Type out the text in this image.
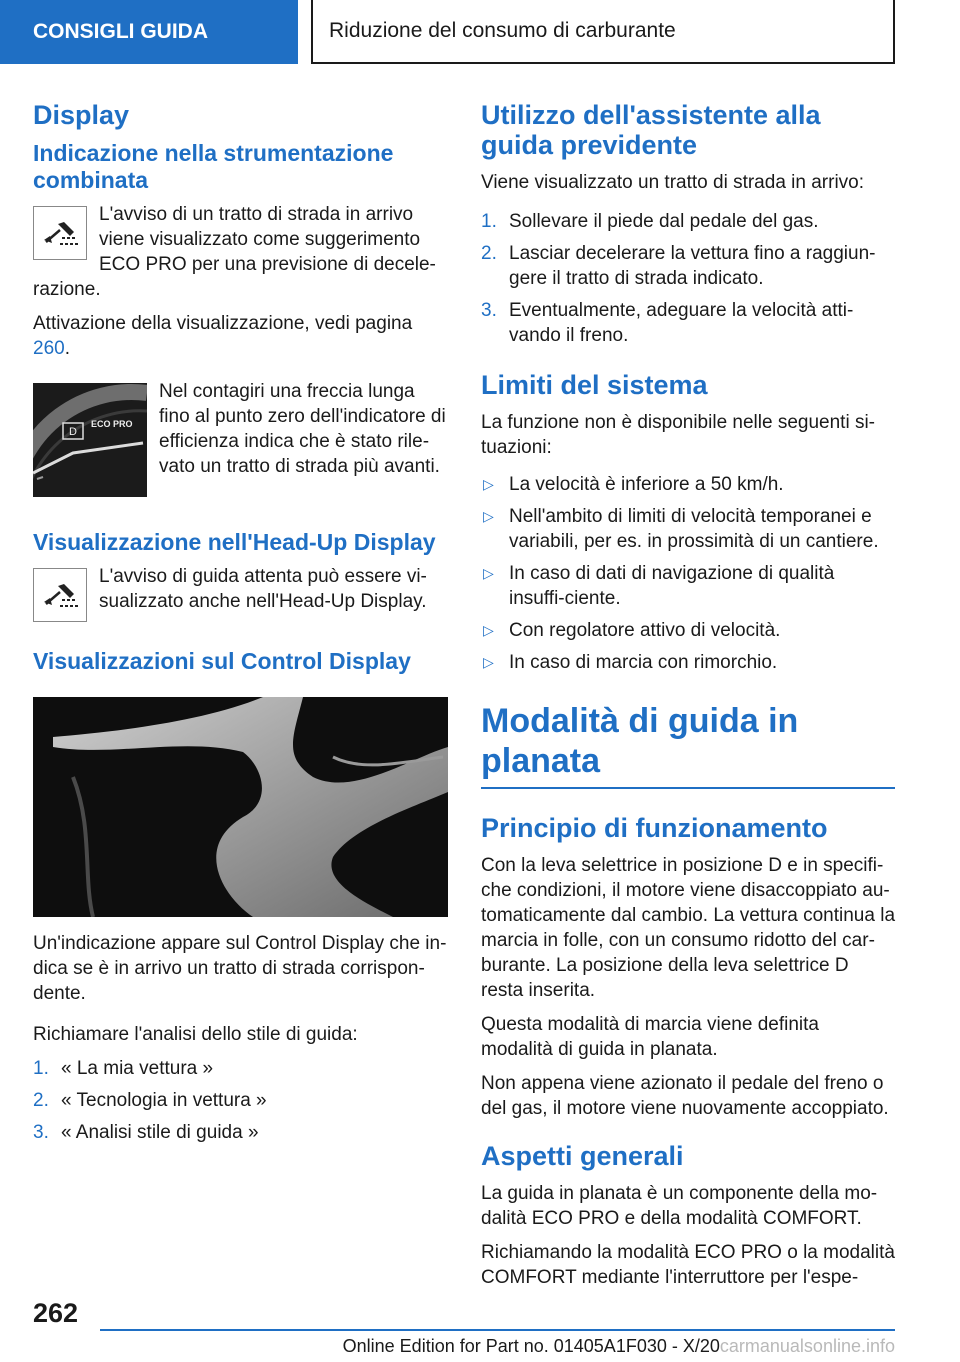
CONSIGLI GUIDA	Riduzione del consumo di carburante
Display
Indicazione nella strumentazione combinata

L'avviso di un tratto di strada in arrivo viene visualizzato come suggerimento ECO PRO per una previsione di decele-razione.

Attivazione della visualizzazione, vedi pagina 260.

D
ECO PRO

Nel contagiri una freccia lunga fino al punto zero dell'indicatore di efficienza indica che è stato rile-vato un tratto di strada più avanti.

Visualizzazione nell'Head-Up Display

L'avviso di guida attenta può essere vi-sualizzato anche nell'Head-Up Display.

Visualizzazioni sul Control Display

Un'indicazione appare sul Control Display che in-dica se è in arrivo un tratto di strada corrispon-dente.

Richiamare l'analisi dello stile di guida:

1. « La mia vettura »
2. « Tecnologia in vettura »
3. « Analisi stile di guida »
Utilizzo dell'assistente alla guida previdente

Viene visualizzato un tratto di strada in arrivo:

1. Sollevare il piede dal pedale del gas.
2. Lasciar decelerare la vettura fino a raggiun-gere il tratto di strada indicato.
3. Eventualmente, adeguare la velocità atti-vando il freno.
Limiti del sistema

La funzione non è disponibile nelle seguenti si-tuazioni:

▷ La velocità è inferiore a 50 km/h.
▷ Nell'ambito di limiti di velocità temporanei e variabili, per es. in prossimità di un cantiere.
▷ In caso di dati di navigazione di qualità insuffi-ciente.
▷ Con regolatore attivo di velocità.
▷ In caso di marcia con rimorchio.
Modalità di guida in planata
Principio di funzionamento

Con la leva selettrice in posizione D e in specifi-che condizioni, il motore viene disaccoppiato au-tomaticamente dal cambio. La vettura continua la marcia in folle, con un consumo ridotto del car-burante. La posizione della leva selettrice D resta inserita.

Questa modalità di marcia viene definita modalità di guida in planata.

Non appena viene azionato il pedale del freno o del gas, il motore viene nuovamente accoppiato.

Aspetti generali

La guida in planata è un componente della mo-dalità ECO PRO e della modalità COMFORT.

Richiamando la modalità ECO PRO o la modalità COMFORT mediante l'interruttore per l'espe-

262
Online Edition for Part no. 01405A1F030 - X/20carmanualsonline.info
